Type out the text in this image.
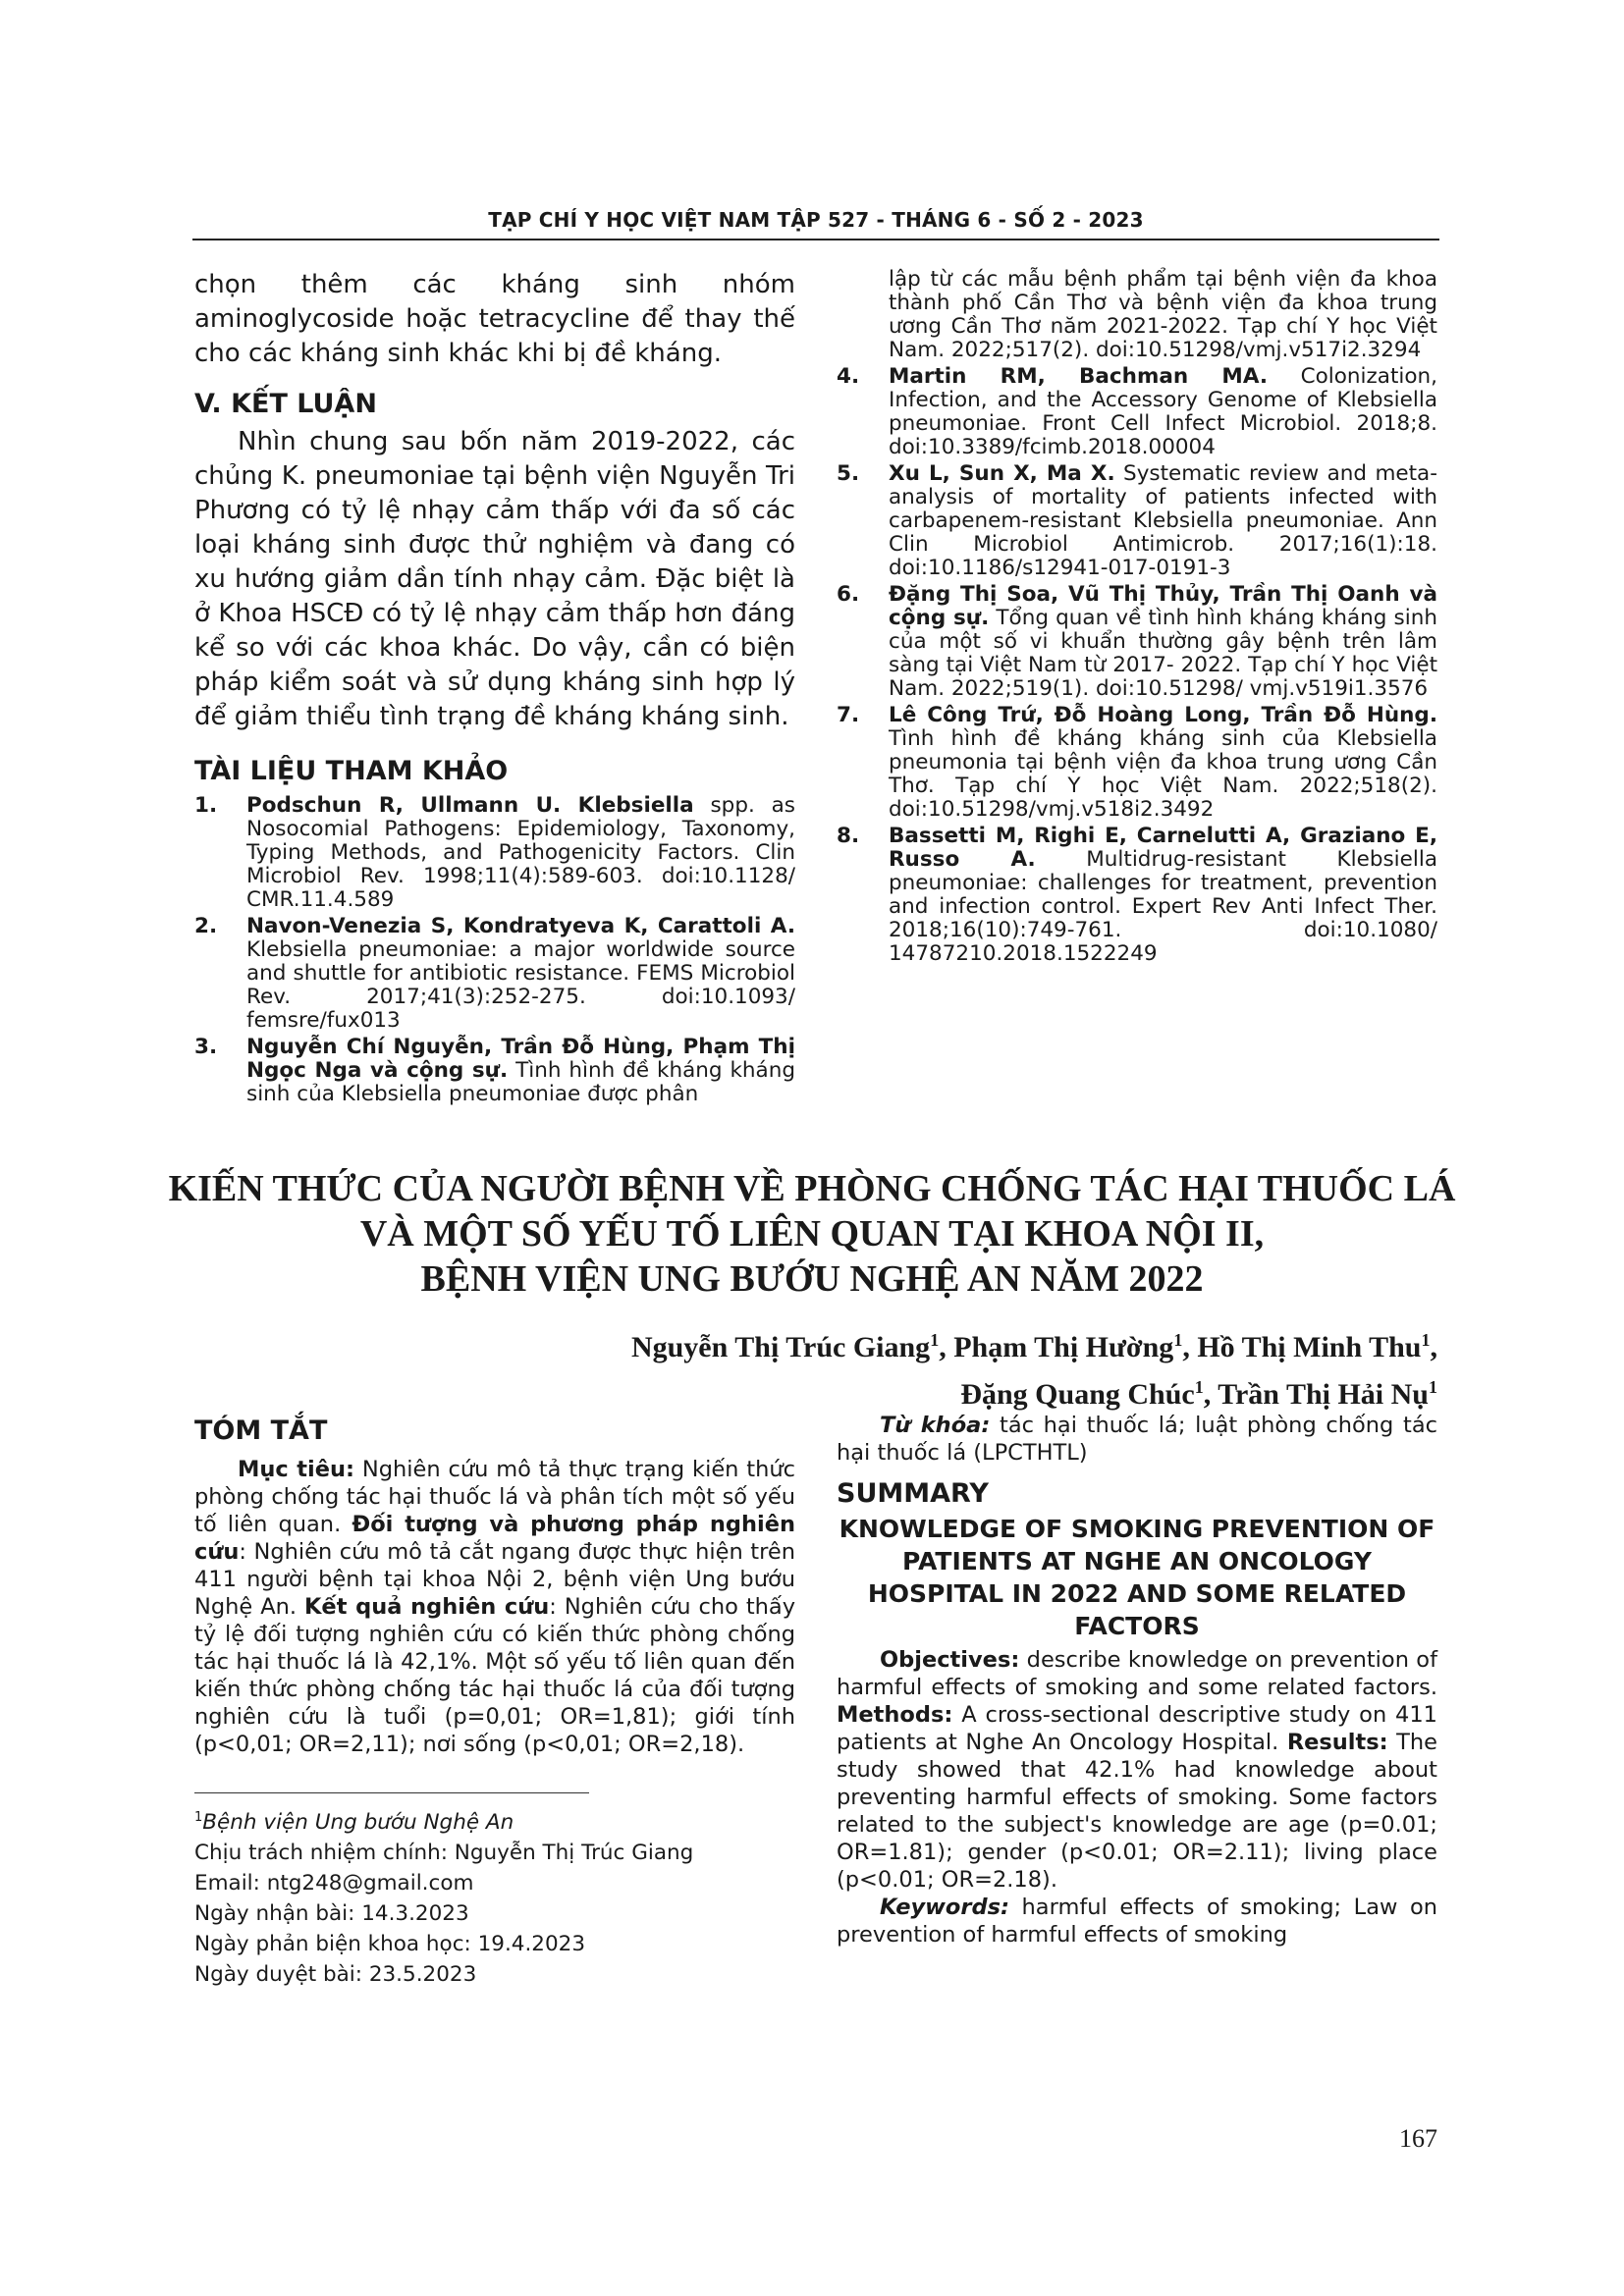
TẠP CHÍ Y HỌC VIỆT NAM TẬP 527 - THÁNG 6 - SỐ 2 - 2023

chọn thêm các kháng sinh nhóm aminoglycoside hoặc tetracycline để thay thế cho các kháng sinh khác khi bị đề kháng.

V. KẾT LUẬN

Nhìn chung sau bốn năm 2019-2022, các chủng K. pneumoniae tại bệnh viện Nguyễn Tri Phương có tỷ lệ nhạy cảm thấp với đa số các loại kháng sinh được thử nghiệm và đang có xu hướng giảm dần tính nhạy cảm. Đặc biệt là ở Khoa HSCĐ có tỷ lệ nhạy cảm thấp hơn đáng kể so với các khoa khác. Do vậy, cần có biện pháp kiểm soát và sử dụng kháng sinh hợp lý để giảm thiểu tình trạng đề kháng kháng sinh.

TÀI LIỆU THAM KHẢO
1. Podschun R, Ullmann U. Klebsiella spp. as Nosocomial Pathogens: Epidemiology, Taxonomy, Typing Methods, and Pathogenicity Factors. Clin Microbiol Rev. 1998;11(4):589-603. doi:10.1128/ CMR.11.4.589
2. Navon-Venezia S, Kondratyeva K, Carattoli A. Klebsiella pneumoniae: a major worldwide source and shuttle for antibiotic resistance. FEMS Microbiol Rev. 2017;41(3):252-275. doi:10.1093/ femsre/fux013
3. Nguyễn Chí Nguyễn, Trần Đỗ Hùng, Phạm Thị Ngọc Nga và cộng sự. Tình hình đề kháng kháng sinh của Klebsiella pneumoniae được phân
lập từ các mẫu bệnh phẩm tại bệnh viện đa khoa thành phố Cần Thơ và bệnh viện đa khoa trung ương Cần Thơ năm 2021-2022. Tạp chí Y học Việt Nam. 2022;517(2). doi:10.51298/vmj.v517i2.3294
4. Martin RM, Bachman MA. Colonization, Infection, and the Accessory Genome of Klebsiella pneumoniae. Front Cell Infect Microbiol. 2018;8. doi:10.3389/fcimb.2018.00004
5. Xu L, Sun X, Ma X. Systematic review and meta-analysis of mortality of patients infected with carbapenem-resistant Klebsiella pneumoniae. Ann Clin Microbiol Antimicrob. 2017;16(1):18. doi:10.1186/s12941-017-0191-3
6. Đặng Thị Soa, Vũ Thị Thủy, Trần Thị Oanh và cộng sự. Tổng quan về tình hình kháng kháng sinh của một số vi khuẩn thường gây bệnh trên lâm sàng tại Việt Nam từ 2017- 2022. Tạp chí Y học Việt Nam. 2022;519(1). doi:10.51298/ vmj.v519i1.3576
7. Lê Công Trứ, Đỗ Hoàng Long, Trần Đỗ Hùng. Tình hình đề kháng kháng sinh của Klebsiella pneumonia tại bệnh viện đa khoa trung ương Cần Thơ. Tạp chí Y học Việt Nam. 2022;518(2). doi:10.51298/vmj.v518i2.3492
8. Bassetti M, Righi E, Carnelutti A, Graziano E, Russo A. Multidrug-resistant Klebsiella pneumoniae: challenges for treatment, prevention and infection control. Expert Rev Anti Infect Ther. 2018;16(10):749-761. doi:10.1080/ 14787210.2018.1522249
KIẾN THỨC CỦA NGƯỜI BỆNH VỀ PHÒNG CHỐNG TÁC HẠI THUỐC LÁ
VÀ MỘT SỐ YẾU TỐ LIÊN QUAN TẠI KHOA NỘI II,
BỆNH VIỆN UNG BƯỚU NGHỆ AN NĂM 2022
Nguyễn Thị Trúc Giang$^1$, Phạm Thị Hường$^1$, Hồ Thị Minh Thu$^1$,
Đặng Quang Chúc$^1$, Trần Thị Hải Nụ$^1$
TÓM TẮT

Mục tiêu: Nghiên cứu mô tả thực trạng kiến thức phòng chống tác hại thuốc lá và phân tích một số yếu tố liên quan. Đối tượng và phương pháp nghiên cứu: Nghiên cứu mô tả cắt ngang được thực hiện trên 411 người bệnh tại khoa Nội 2, bệnh viện Ung bướu Nghệ An. Kết quả nghiên cứu: Nghiên cứu cho thấy tỷ lệ đối tượng nghiên cứu có kiến thức phòng chống tác hại thuốc lá là 42,1%. Một số yếu tố liên quan đến kiến thức phòng chống tác hại thuốc lá của đối tượng nghiên cứu là tuổi (p=0,01; OR=1,81); giới tính (p<0,01; OR=2,11); nơi sống (p<0,01; OR=2,18).

$^1$Bệnh viện Ung bướu Nghệ An
Chịu trách nhiệm chính: Nguyễn Thị Trúc Giang
Email: ntg248@gmail.com
Ngày nhận bài: 14.3.2023
Ngày phản biện khoa học: 19.4.2023
Ngày duyệt bài: 23.5.2023

Từ khóa: tác hại thuốc lá; luật phòng chống tác hại thuốc lá (LPCTHTL)

SUMMARY
KNOWLEDGE OF SMOKING PREVENTION OF PATIENTS AT NGHE AN ONCOLOGY HOSPITAL IN 2022 AND SOME RELATED FACTORS

Objectives: describe knowledge on prevention of harmful effects of smoking and some related factors. Methods: A cross-sectional descriptive study on 411 patients at Nghe An Oncology Hospital. Results: The study showed that 42.1% had knowledge about preventing harmful effects of smoking. Some factors related to the subject's knowledge are age (p=0.01; OR=1.81); gender (p<0.01; OR=2.11); living place (p<0.01; OR=2.18).

Keywords: harmful effects of smoking; Law on prevention of harmful effects of smoking

167
